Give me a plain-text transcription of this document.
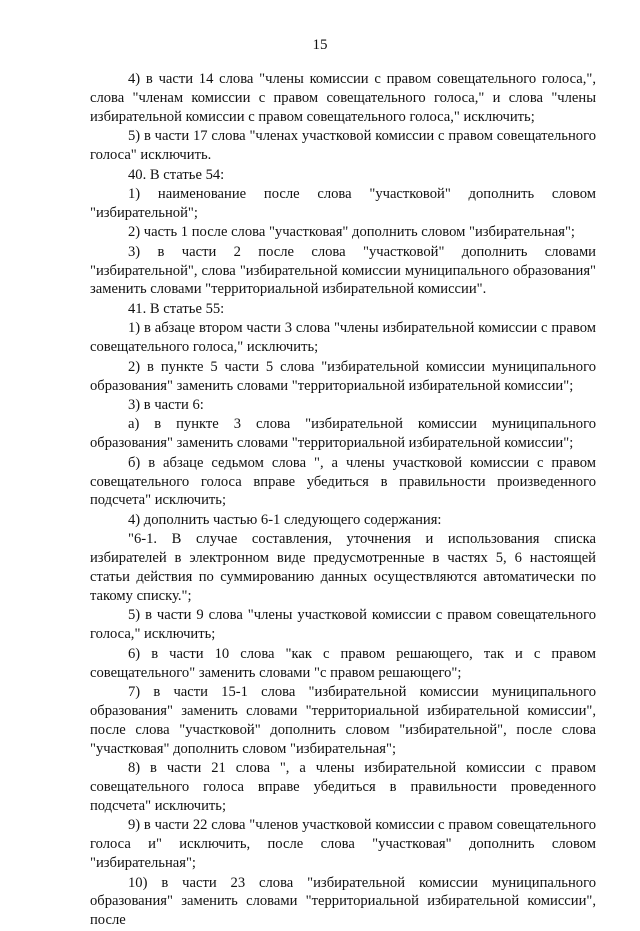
15

4) в части 14 слова "члены комиссии с правом совещательного голоса,", слова "членам комиссии с правом совещательного голоса," и слова "члены избирательной комиссии с правом совещательного голоса," исключить;

5) в части 17 слова "членах участковой комиссии с правом совещательного голоса" исключить.

40. В статье 54:

1) наименование после слова "участковой" дополнить словом "избирательной";

2) часть 1 после слова "участковая" дополнить словом "избирательная";

3) в части 2 после слова "участковой" дополнить словами "избирательной", слова "избирательной комиссии муниципального образования" заменить словами "территориальной избирательной комиссии".

41. В статье 55:

1) в абзаце втором части 3 слова "члены избирательной комиссии с правом совещательного голоса," исключить;

2) в пункте 5 части 5 слова "избирательной комиссии муниципального образования" заменить словами "территориальной избирательной комиссии";

3) в части 6:

а) в пункте 3 слова "избирательной комиссии муниципального образования" заменить словами "территориальной избирательной комиссии";

б) в абзаце седьмом слова ", а члены участковой комиссии с правом совещательного голоса вправе убедиться в правильности произведенного подсчета" исключить;

4) дополнить частью 6-1 следующего содержания:

"6-1. В случае составления, уточнения и использования списка избирателей в электронном виде предусмотренные в частях 5, 6 настоящей статьи действия по суммированию данных осуществляются автоматически по такому списку.";

5) в части 9 слова "члены участковой комиссии с правом совещательного голоса," исключить;

6) в части 10 слова "как с правом решающего, так и с правом совещательного" заменить словами "с правом решающего";

7) в части 15-1 слова "избирательной комиссии муниципального образования" заменить словами "территориальной избирательной комиссии", после слова "участковой" дополнить словом "избирательной", после слова "участковая" дополнить словом "избирательная";

8) в части 21 слова ", а члены избирательной комиссии с правом совещательного голоса вправе убедиться в правильности проведенного подсчета" исключить;

9) в части 22 слова "членов участковой комиссии с правом совещательного голоса и" исключить, после слова "участковая" дополнить словом "избирательная";

10) в части 23 слова "избирательной комиссии муниципального образования" заменить словами "территориальной избирательной комиссии", после
